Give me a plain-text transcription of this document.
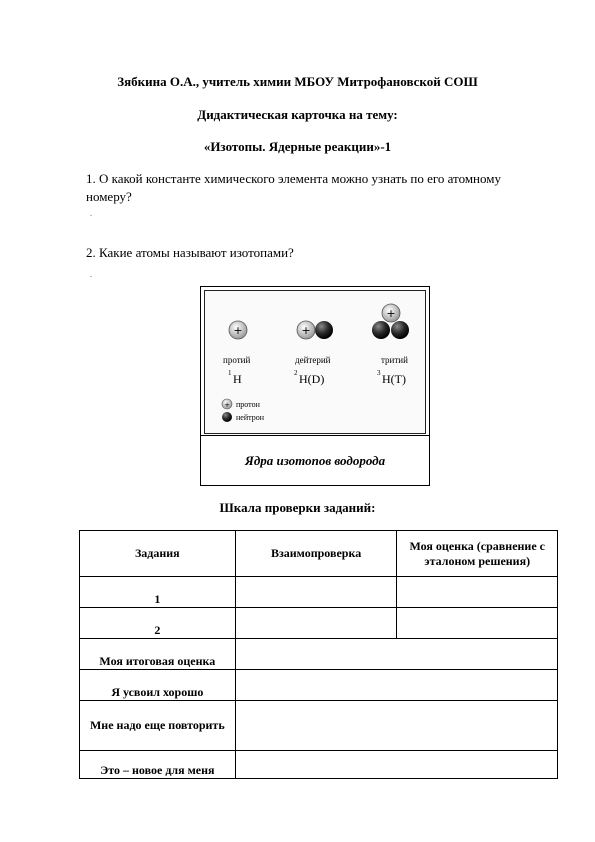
Зябкина О.А., учитель химии МБОУ Митрофановской СОШ
Дидактическая карточка на тему:
«Изотопы. Ядерные реакции»-1
1. О какой константе химического элемента можно узнать по его атомному номеру?
.
2. Какие атомы называют изотопами?
.
+	+
+
протий	дейтерий	тритий
1 H	2 H(D)	3 H(T)
+ протон
нейтрон
Ядра изотопов водорода
Шкала проверки заданий:
Задания	Взаимопроверка	Моя оценка (сравнение с эталоном решения)
1		
2		
Моя итоговая оценка		
Я усвоил хорошо		
Мне надо еще повторить		
Это – новое для меня		
